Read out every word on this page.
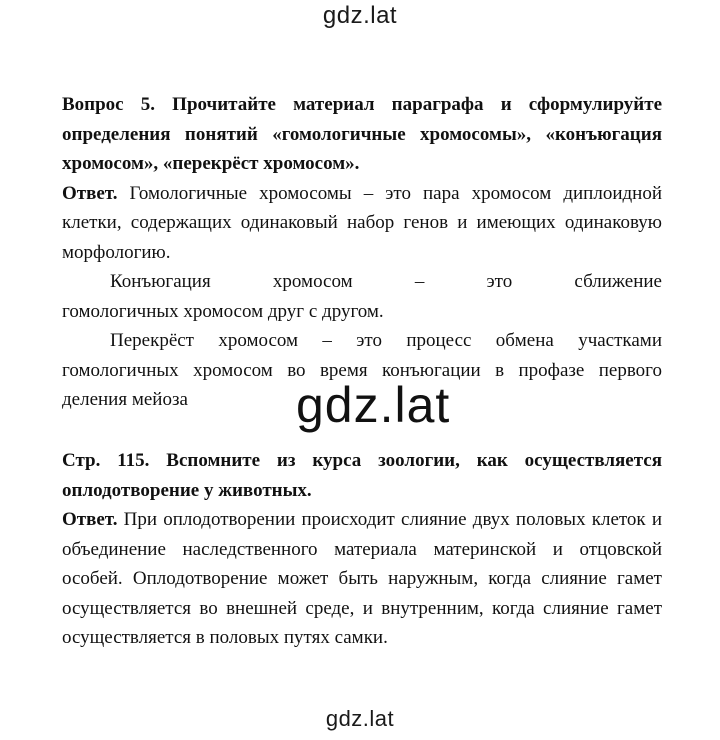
gdz.lat

Вопрос 5. Прочитайте материал параграфа и сформулируйте определения понятий «гомологичные хромосомы», «конъюгация хромосом», «перекрёст хромосом».

Ответ. Гомологичные хромосомы – это пара хромосом диплоидной клетки, содержащих одинаковый набор генов и имеющих одинаковую морфологию.

Конъюгация хромосом – это сближение

гомологичных хромосом друг с другом.

Перекрёст хромосом – это процесс обмена участками гомологичных хромосом во время конъюгации в профазе первого деления мейоза	gdz.lat

Стр. 115. Вспомните из курса зоологии, как осуществляется оплодотворение у животных.

Ответ. При оплодотворении происходит слияние двух половых клеток и объединение наследственного материала материнской и отцовской особей. Оплодотворение может быть наружным, когда слияние гамет осуществляется во внешней среде, и внутренним, когда слияние гамет осуществляется в половых путях самки.

gdz.lat
